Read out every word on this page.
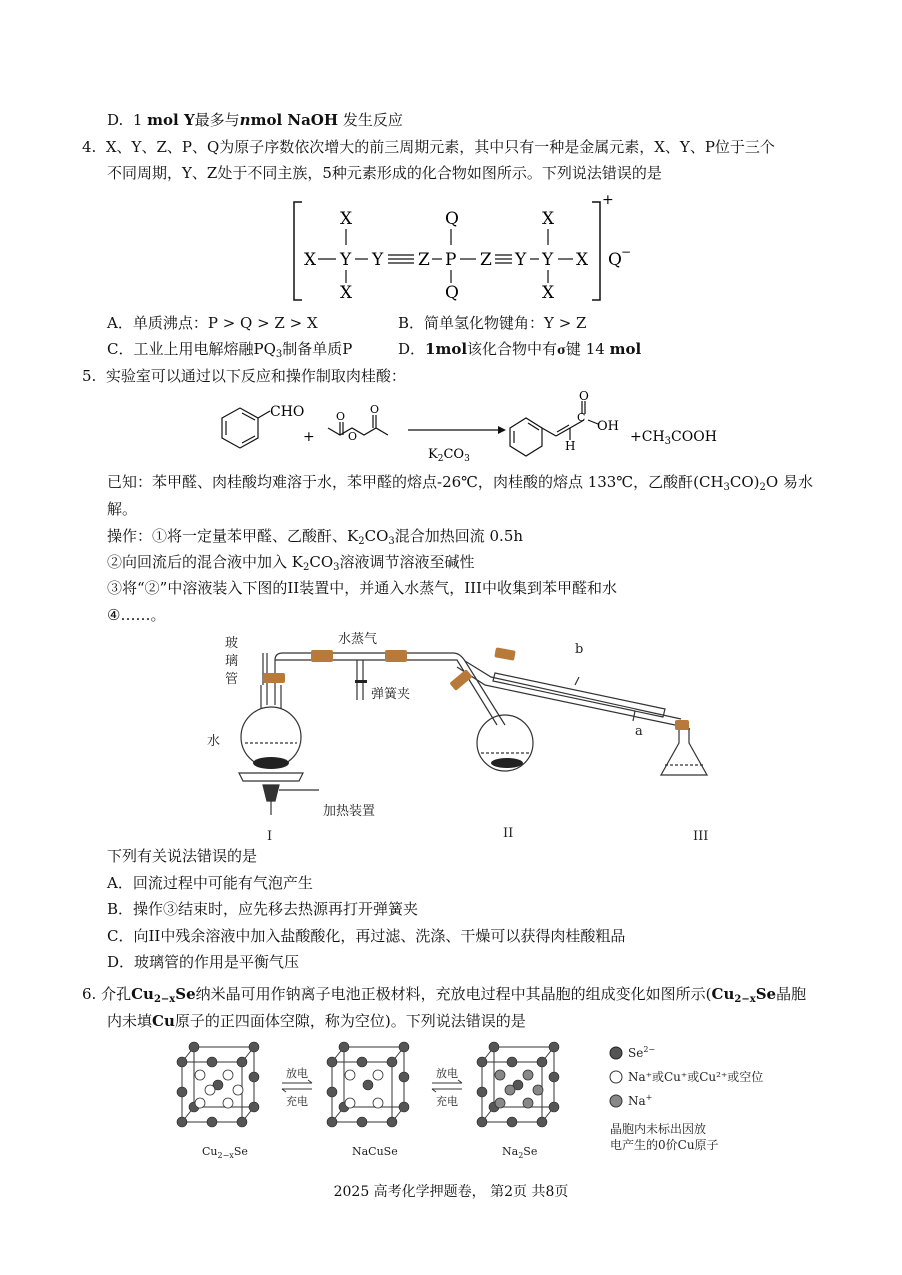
D. 1 mol Y最多与nmol NaOH 发生反应
4. X、Y、Z、P、Q为原子序数依次增大的前三周期元素，其中只有一种是金属元素，X、Y、P位于三个
不同周期，Y、Z处于不同主族，5种元素形成的化合物如图所示。下列说法错误的是
+
Q −
X Y Y Z P Z Y Y X
X
X
Q
Q
X
X
A．单质沸点：P > Q > Z > X	B．简单氢化物键角：Y > Z
C．工业上用电解熔融$PQ_3$制备单质P	D．1mol该化合物中有σ键 14 mol
5. 实验室可以通过以下反应和操作制取肉桂酸：
CHO
+
O
O
O
$K_2CO_3$
O
C
OH
H
$+CH_3COOH$
已知：苯甲醛、肉桂酸均难溶于水，苯甲醛的熔点-26℃，肉桂酸的熔点 133℃，乙酸酐$(CH_3CO)_2O$ 易水
解。
操作：①将一定量苯甲醛、乙酸酐、$K_2CO_3$混合加热回流 0.5h
②向回流后的混合液中加入 $K_2CO_3$溶液调节溶液至碱性
③将“②”中溶液装入下图的II装置中，并通入水蒸气，III中收集到苯甲醛和水
④……。
玻
璃
管
水蒸气
弹簧夹
水
加热装置
b
a
I	II	III
下列有关说法错误的是
A．回流过程中可能有气泡产生
B．操作③结束时，应先移去热源再打开弹簧夹
C．向II中残余溶液中加入盐酸酸化，再过滤、洗涤、干燥可以获得肉桂酸粗品
D．玻璃管的作用是平衡气压
6. 介孔$Cu_{2-x}Se$纳米晶可用作钠离子电池正极材料，充放电过程中其晶胞的组成变化如图所示($Cu_{2-x}Se$晶胞
内未填Cu原子的正四面体空隙，称为空位)。下列说法错误的是
放电
充电
放电
充电
$Cu_{2-x}Se$	NaCuSe	$Na_2Se$
$Se^{2-}$
Na⁺或Cu⁺或Cu²⁺或空位
Na+
晶胞内未标出因放
电产生的0价Cu原子
2025 高考化学押题卷， 第2页 共8页
